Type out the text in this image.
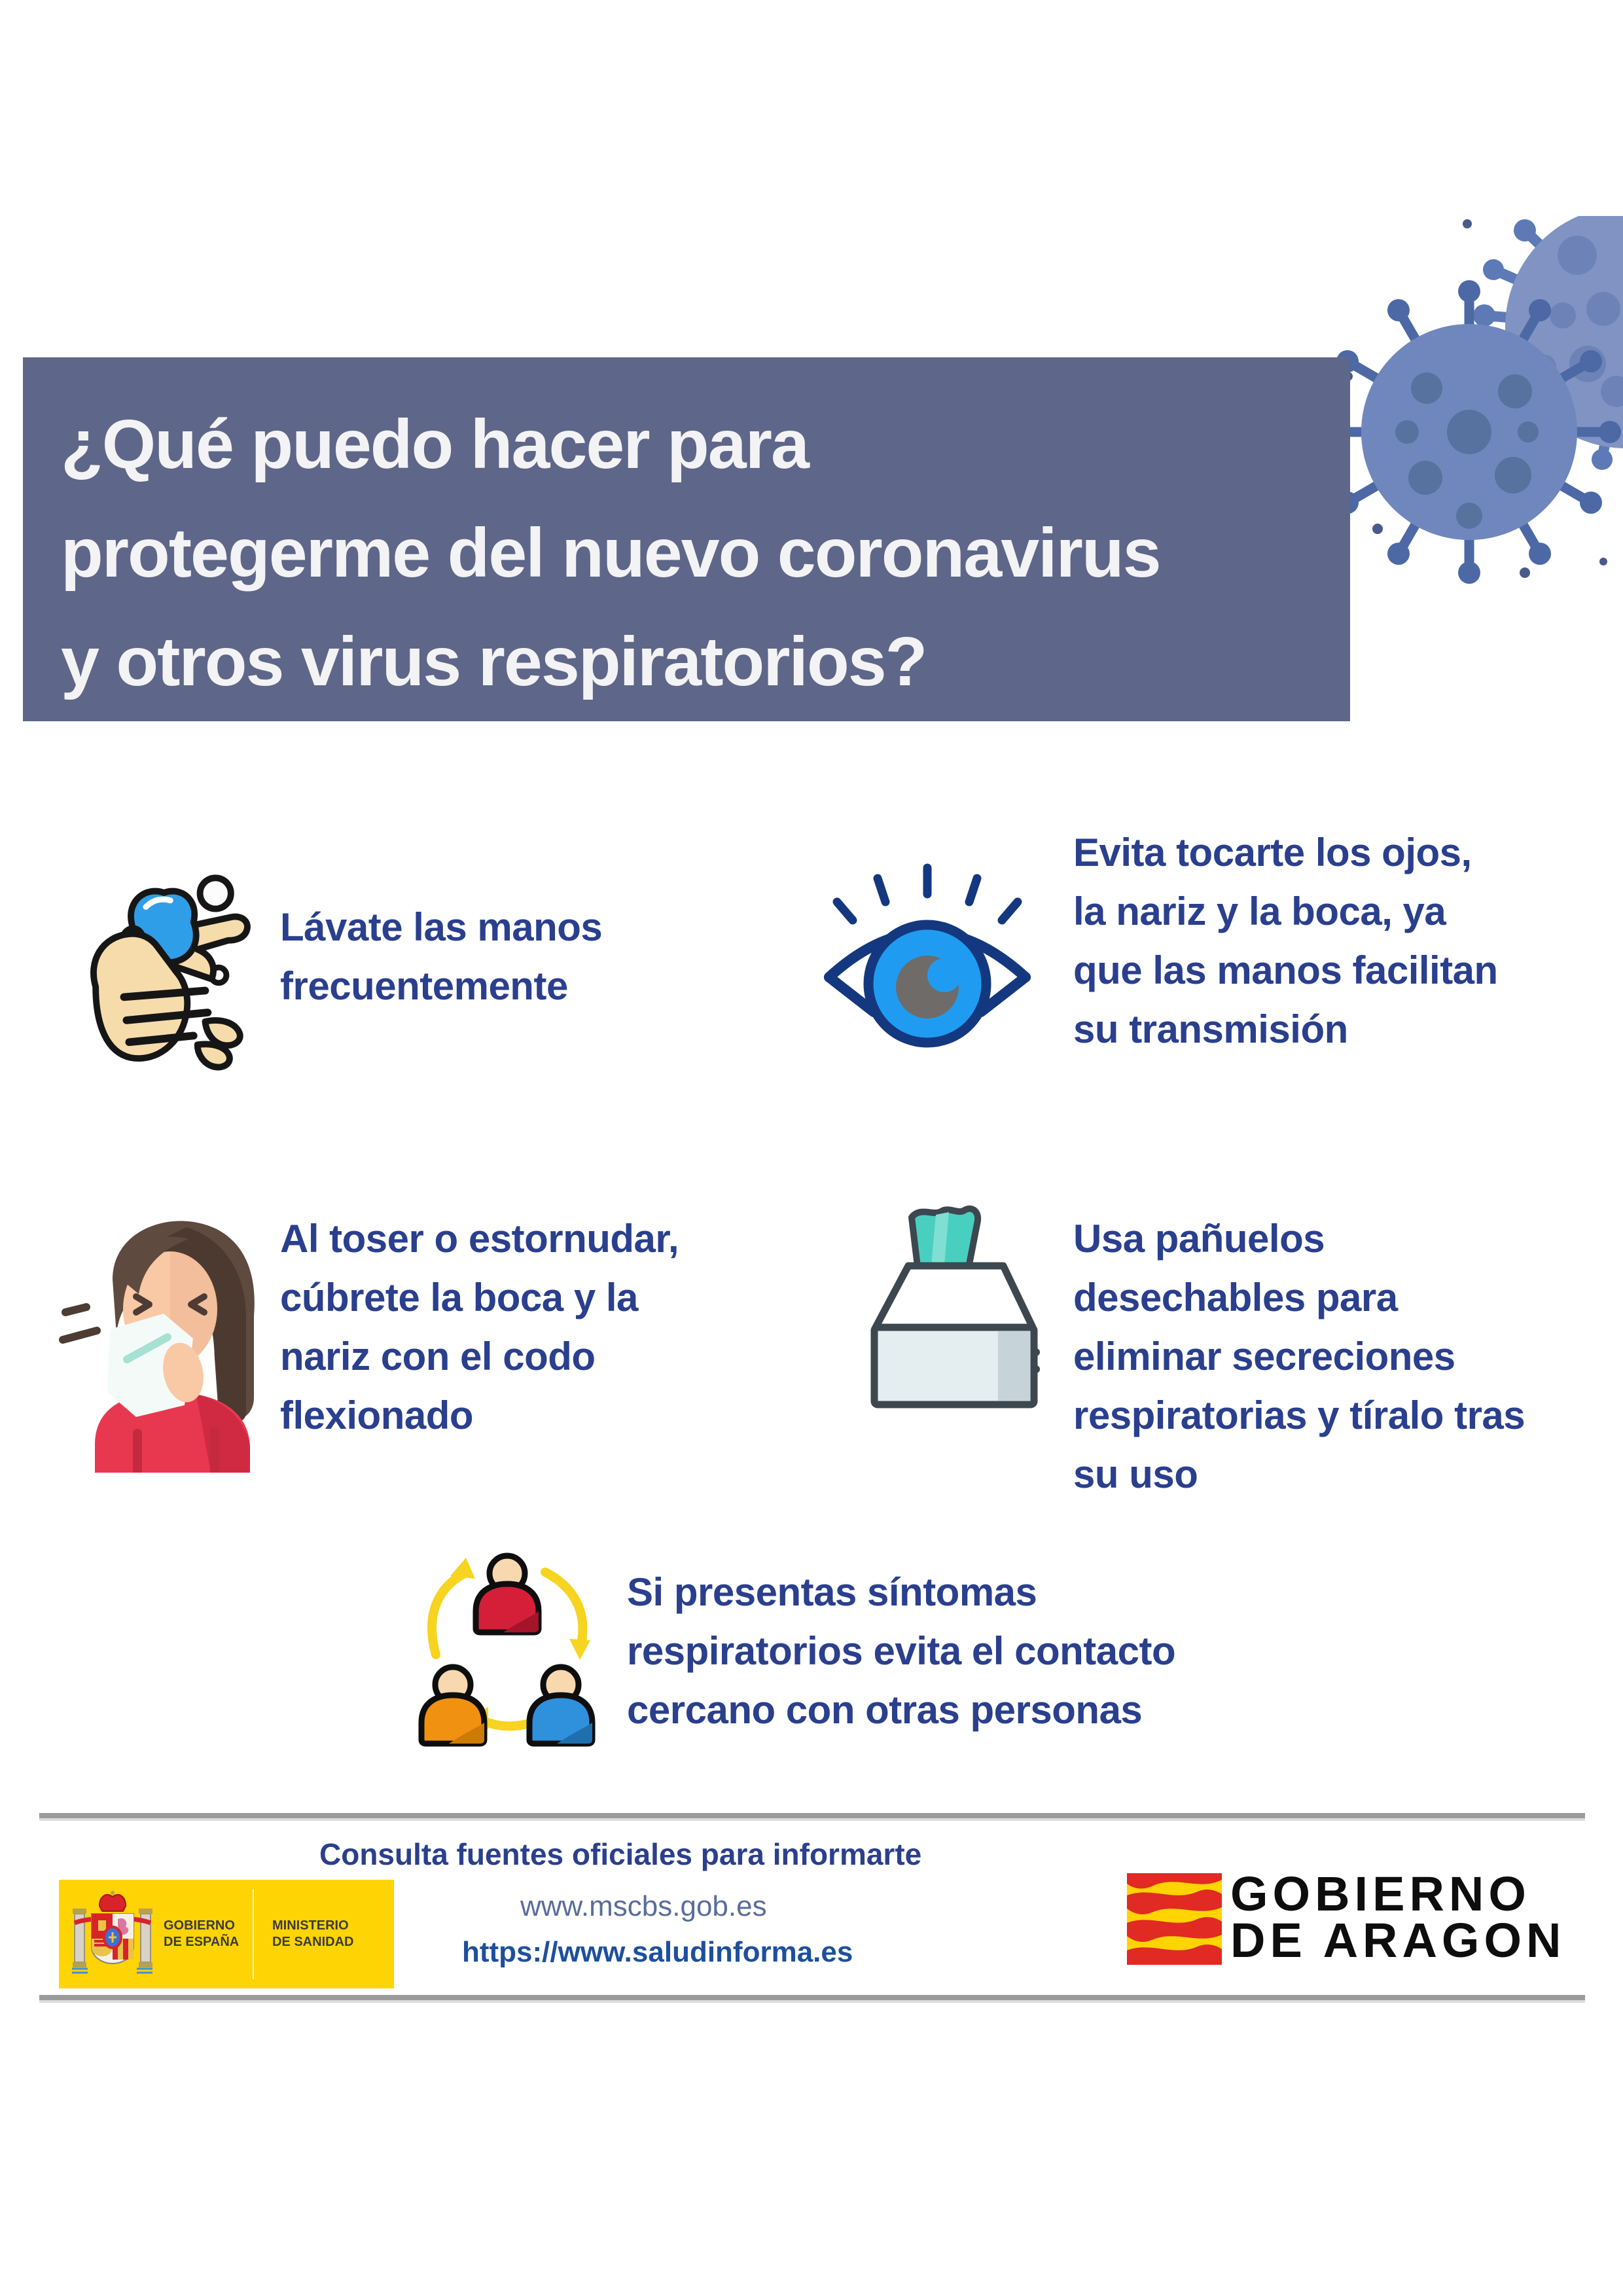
¿Qué puedo hacer para
protegerme del nuevo coronavirus
y otros virus respiratorios?
Lávate las manos
frecuentemente
Evita tocarte los ojos,
la nariz y la boca, ya
que las manos facilitan
su transmisión
Al toser o estornudar,
cúbrete la boca y la
nariz con el codo
flexionado
Usa pañuelos
desechables para
eliminar secreciones
respiratorias y tíralo tras
su uso
Si presentas síntomas
respiratorios evita el contacto
cercano con otras personas
Consulta fuentes oficiales para informarte
www.mscbs.gob.es
https://www.saludinforma.es
GOBIERNO
DE ESPAÑA
MINISTERIO
DE SANIDAD
GOBIERNO
DE ARAGON
